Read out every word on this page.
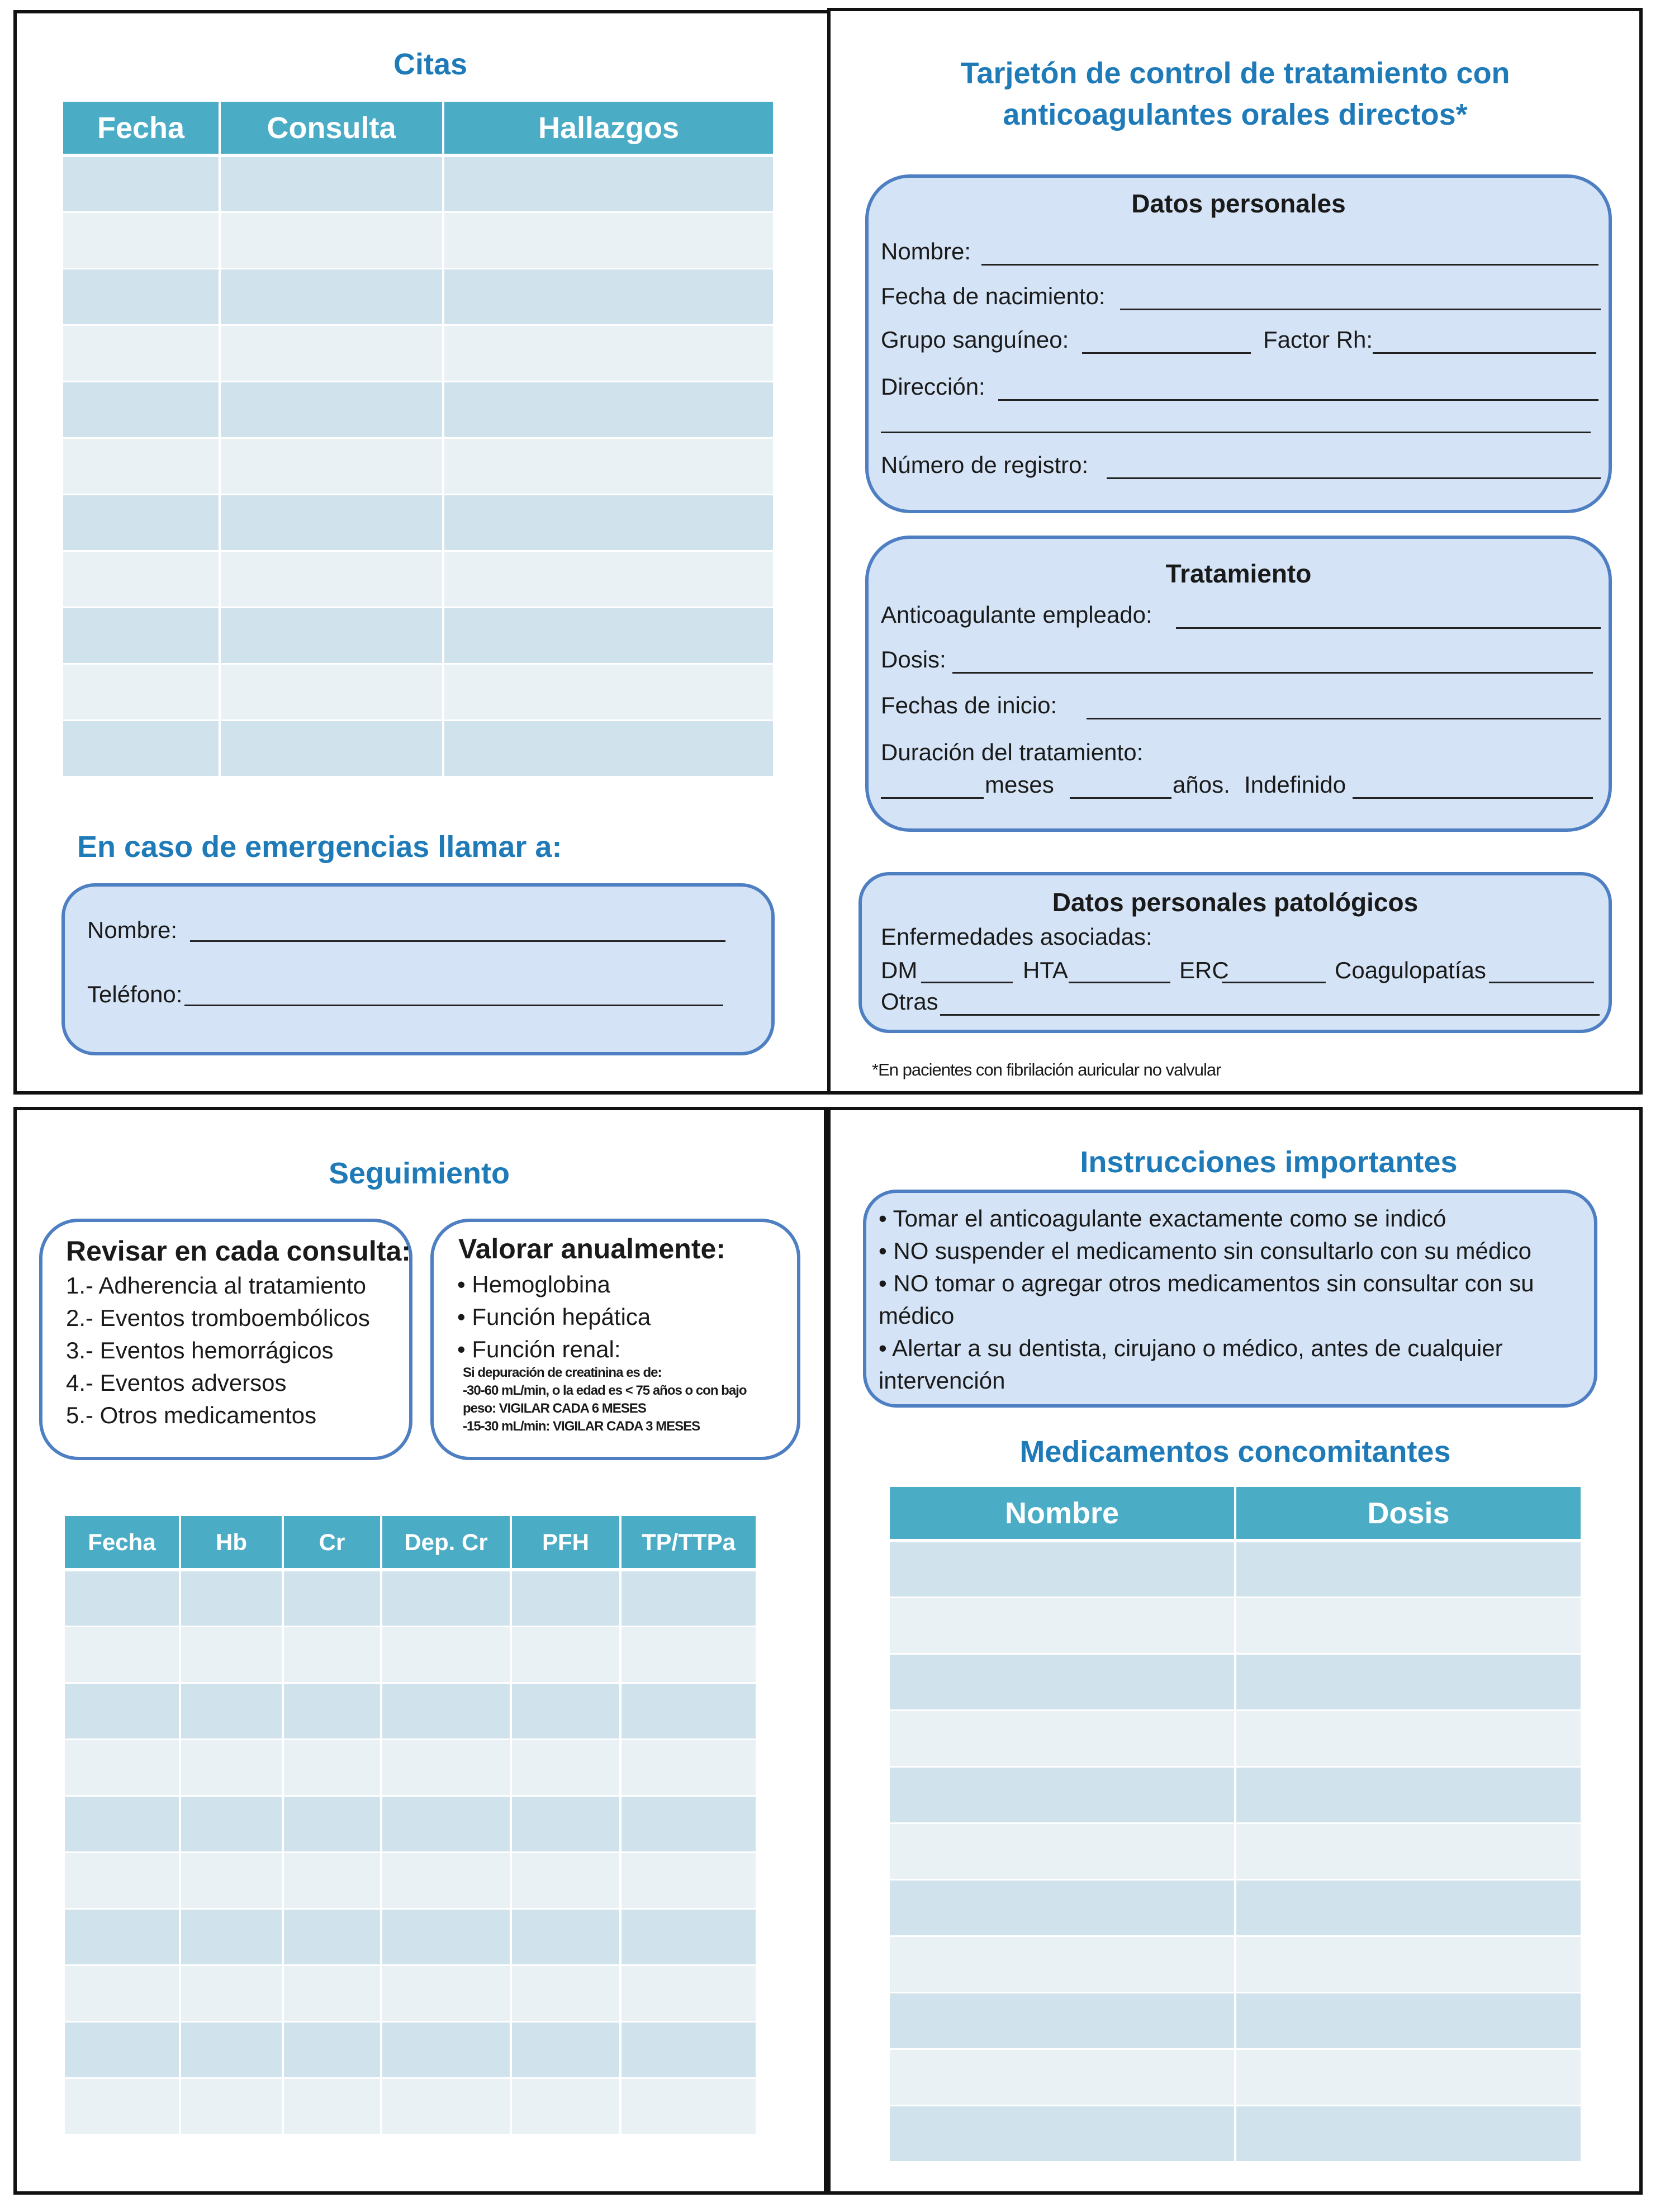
Citas
Fecha	Consulta	Hallazgos

En caso de emergencias llamar a:
Nombre:
Teléfono:
Tarjetón de control de tratamiento con
anticoagulantes orales directos*
Datos personales
Nombre:
Fecha de nacimiento:
Grupo sanguíneo:	Factor Rh:
Dirección:
Número de registro:
Tratamiento
Anticoagulante empleado:
Dosis:
Fechas de inicio:
Duración del tratamiento:
meses	años. Indefinido
Datos personales patológicos
Enfermedades asociadas:
DM	HTA	ERC	Coagulopatías
Otras
*En pacientes con fibrilación auricular no valvular
Seguimiento
Revisar en cada consulta:
1.- Adherencia al tratamiento
2.- Eventos tromboembólicos
3.- Eventos hemorrágicos
4.- Eventos adversos
5.- Otros medicamentos
Valorar anualmente:
• Hemoglobina
• Función hepática
• Función renal:
Si depuración de creatinina es de:
-30-60 mL/min, o la edad es < 75 años o con bajo
peso: VIGILAR CADA 6 MESES
-15-30 mL/min: VIGILAR CADA 3 MESES
Fecha	Hb	Cr	Dep. Cr	PFH	TP/TTPa

Instrucciones importantes
• Tomar el anticoagulante exactamente como se indicó
• NO suspender el medicamento sin consultarlo con su médico
• NO tomar o agregar otros medicamentos sin consultar con su
médico
• Alertar a su dentista, cirujano o médico, antes de cualquier
intervención
Medicamentos concomitantes
Nombre	Dosis
